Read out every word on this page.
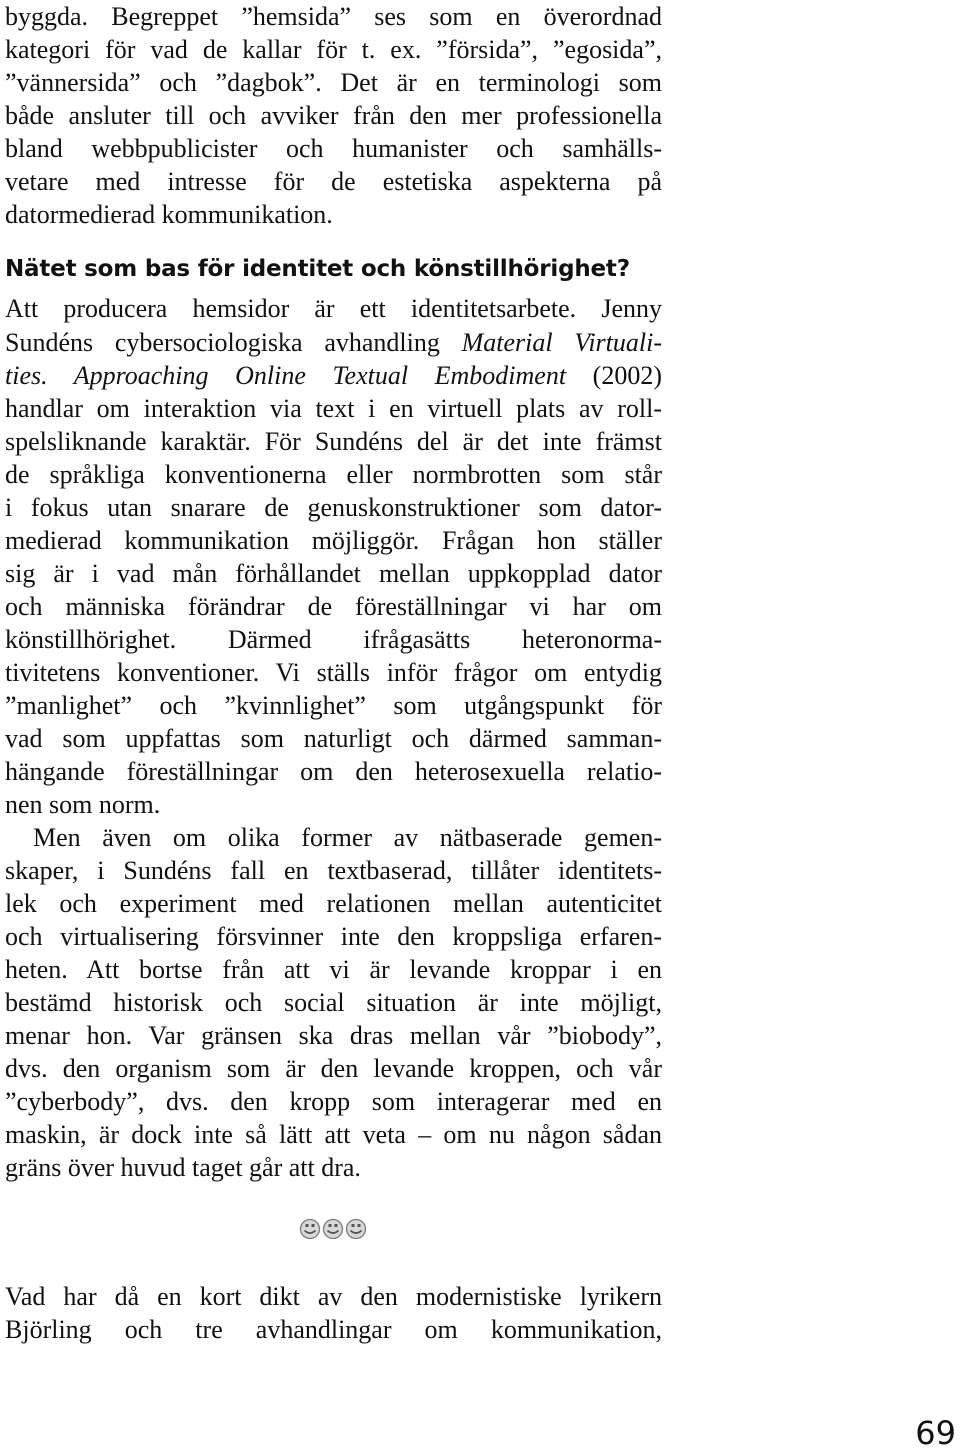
byggda. Begreppet ”hemsida” ses som en överordnad
kategori för vad de kallar för t. ex. ”försida”, ”egosida”,
”vännersida” och ”dagbok”. Det är en terminologi som
både ansluter till och avviker från den mer professionella
bland webbpublicister och humanister och samhälls-
vetare med intresse för de estetiska aspekterna på
datormedierad kommunikation.
Att producera hemsidor är ett identitetsarbete. Jenny
Sundéns cybersociologiska avhandling Material Virtuali-
ties. Approaching Online Textual Embodiment (2002)
handlar om interaktion via text i en virtuell plats av roll-
spelsliknande karaktär. För Sundéns del är det inte främst
de språkliga konventionerna eller normbrotten som står
i fokus utan snarare de genuskonstruktioner som dator-
medierad kommunikation möjliggör. Frågan hon ställer
sig är i vad mån förhållandet mellan uppkopplad dator
och människa förändrar de föreställningar vi har om
könstillhörighet. Därmed ifrågasätts heteronorma-
tivitetens konventioner. Vi ställs inför frågor om entydig
”manlighet” och ”kvinnlighet” som utgångspunkt för
vad som uppfattas som naturligt och därmed samman-
hängande föreställningar om den heterosexuella relatio-
nen som norm.
Men även om olika former av nätbaserade gemen-
skaper, i Sundéns fall en textbaserad, tillåter identitets-
lek och experiment med relationen mellan autenticitet
och virtualisering försvinner inte den kroppsliga erfaren-
heten. Att bortse från att vi är levande kroppar i en
bestämd historisk och social situation är inte möjligt,
menar hon. Var gränsen ska dras mellan vår ”biobody”,
dvs. den organism som är den levande kroppen, och vår
”cyberbody”, dvs. den kropp som interagerar med en
maskin, är dock inte så lätt att veta – om nu någon sådan
gräns över huvud taget går att dra.
Vad har då en kort dikt av den modernistiske lyrikern
Björling och tre avhandlingar om kommunikation,
Nätet som bas för identitet och könstillhörighet?
69
